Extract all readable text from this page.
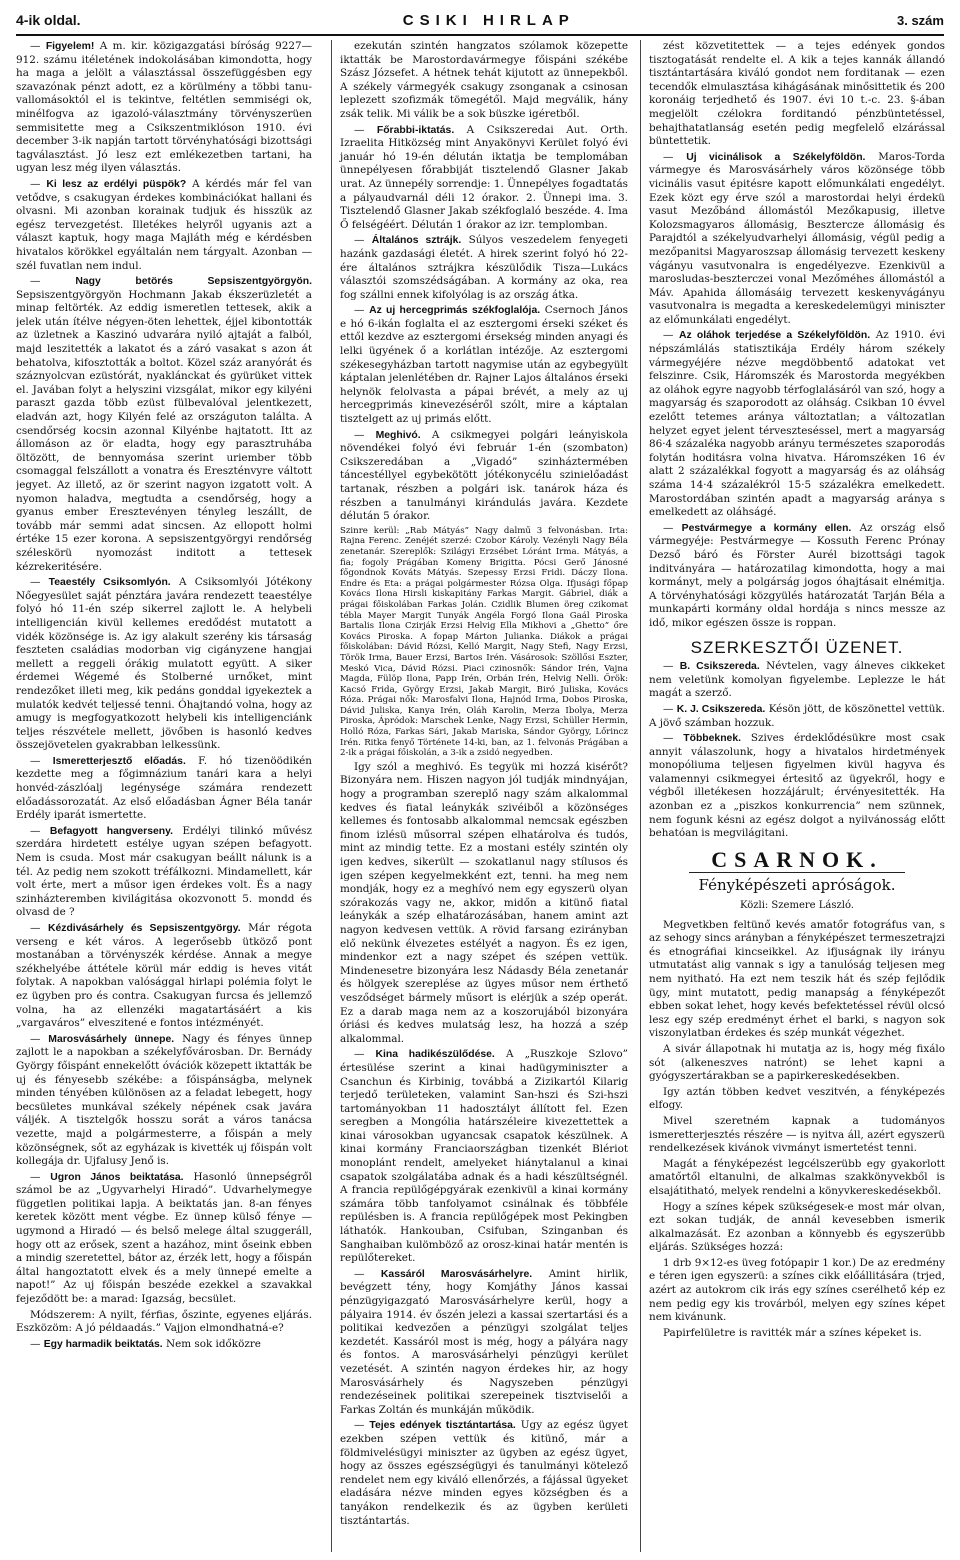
4-ik oldal.	CSIKI HIRLAP	3. szám

— Figyelem! A m. kir. közigazgatási bíróság 9227—912. számu itéletének indokolásában kimondotta, hogy ha maga a jelölt a választással összefüggésben egy szavazónak pénzt adott, ez a körülmény a többi tanu-vallomásoktól el is tekintve, feltétlen semmiségi ok, minélfogva az igazoló-választmány törvényszerüen semmisitette meg a Csikszentmiklóson 1910. évi december 3-ik napján tartott törvényhatósági bizottsági tagválasztást. Jó lesz ezt emlékezetben tartani, ha ugyan lesz még ilyen választás.

— Ki lesz az erdélyi püspök? A kérdés már fel van vetődve, s csakugyan érdekes kombinációkat hallani és olvasni. Mi azonban korainak tudjuk és hisszük az egész tervezgetést. Illetékes helyről ugyanis azt a választ kaptuk, hogy maga Majláth még e kérdésben hivatalos körökkel egyáltalán nem tárgyalt. Azonban — szél fuvatlan nem indul.

— Nagy betörés Sepsiszentgyörgyön. Sepsiszentgyörgyön Hochmann Jakab ékszerüzletét a minap feltörték. Az eddig ismeretlen tettesek, akik a jelek után ítélve négyen-öten lehettek, éjjel kibontották az üzletnek a Kaszinó udvarára nyiló ajtaját a falból, majd leszitették a lakatot és a záró vasakat s azon át behatolva, kifosztották a boltot. Közel száz aranyórát és száznyolcvan ezüstórát, nyaklánckat és gyürüket vittek el. Javában folyt a helyszini vizsgálat, mikor egy kilyéni paraszt gazda több ezüst fülbevalóval jelentkezett, eladván azt, hogy Kilyén felé az országuton találta. A csendőrség kocsin azonnal Kilyénbe hajtatott. Itt az állomáson az ör eladta, hogy egy parasztruhába öltözött, de bennyomása szerint uriember több csomaggal felszállott a vonatra és Ereszténvyre váltott jegyet. Az illető, az ör szerint nagyon izgatott volt. A nyomon haladva, megtudta a csendőrség, hogy a gyanus ember Eresztevényen tényleg leszállt, de tovább már semmi adat sincsen. Az ellopott holmi értéke 15 ezer korona. A sepsiszentgyörgyi rendőrség széleskörü nyomozást inditott a tettesek kézrekeritésére.

— Teaestély Csiksomlyón. A Csiksomlyói Jótékony Nőegyesület saját pénztára javára rendezett teaestélye folyó hó 11-én szép sikerrel zajlott le. A helybeli intelligencián kivül kellemes eredődést mutatott a vidék közönsége is. Az igy alakult szerény kis társaság feszteten családias modorban vig cigányzene hangjai mellett a reggeli órákig mulatott együtt. A siker érdemei Wégemé és Stolberné urnőket, mint rendezőket illeti meg, kik pedáns gonddal igyekeztek a mulatók kedvét teljessé tenni. Óhajtandó volna, hogy az amugy is megfogyatkozott helybeli kis intelligenciánk teljes részvétele mellett, jövőben is hasonló kedves összejövetelen gyakrabban lelkessünk.

— Ismeretterjesztő előadás. F. hó tizenöödikén kezdette meg a főgimnázium tanári kara a helyi honvéd-zászlóalj legénysége számára rendezett előadássorozatát. Az első előadásban Ágner Béla tanár Erdély iparát ismertette.

— Befagyott hangverseny. Erdélyi tilinkó művész szerdára hirdetett estélye ugyan szépen befagyott. Nem is csuda. Most már csakugyan beállt nálunk is a tél. Az pedig nem szokott tréfálkozni. Mindamellett, kár volt érte, mert a műsor igen érdekes volt. És a nagy szinházteremben kivilágitása okozvonott 5. mondd és olvasd de ?

— Kézdivásárhely és Sepsiszentgyörgy. Már régota verseng e két város. A legerősebb ütköző pont mostanában a törvényszék kérdése. Annak a megye székhelyébe áttétele körül már eddig is heves vitát folytak. A napokban valósággal hirlapi polémia folyt le ez ügyben pro és contra. Csakugyan furcsa és jellemző volna, ha az ellenzéki magatartásáért a kis „vargaváros” elveszitené e fontos intézményét.

— Marosvásárhely ünnepe. Nagy és fényes ünnep zajlott le a napokban a székelyfővárosban. Dr. Bernády György főispánt ennekelőtt óvációk közepett iktatták be uj és fényesebb székébe: a főispánságba, melynek minden tényében különösen az a feladat lebegett, hogy becsületes munkával székely népének csak javára váljék. A tisztelgők hosszu sorát a város tanácsa vezette, majd a polgármesterre, a főispán a mely közönségnek, sőt az egyházak is kivették uj főispán volt kollegája dr. Ujfalusy Jenő is.

— Ugron János beiktatása. Hasonló ünnepségről számol be az „Ugyvarhelyi Hiradó”. Udvarhelymegye független politikai lapja. A beiktatás jan. 8-an fényes keretek között ment végbe. Ez ünnep külső fénye — ugymond a Hiradó — és belső melege által szuggeráll, hogy ott az erősek, szent a hazához, mint őseink ebben a mindig szeretettel, bátor az, érzék lett, hogy a főispán által hangoztatott elvek és a mely ünnepé emelte a napot!” Az uj főispán beszéde ezekkel a szavakkal fejeződött be: a marad: Igazság, becsület.

Módszerem: A nyilt, férfias, őszinte, egyenes eljárás. Eszközöm: A jó példaadás.” Vajjon elmondhatná-e?

— Egy harmadik beiktatás. Nem sok időközre

ezekután szintén hangzatos szólamok közepette iktatták be Marostordavármegye főispáni székébe Szász Józsefet. A hétnek tehát kijutott az ünnepekből. A székely vármegyék csakugy zsonganak a csinosan leplezett szofizmák tömegétől. Majd megválik, hány zsák telik. Mi válik be a sok büszke igéretből.

— Főrabbi-iktatás. A Csikszeredai Aut. Orth. Izraelita Hitközség mint Anyakönyvi Kerület folyó évi január hó 19-én délután iktatja be templomában ünnepélyesen főrabbiját tisztelendő Glasner Jakab urat. Az ünnepély sorrendje: 1. Ünnepélyes fogadtatás a pályaudvarnál déli 12 órakor. 2. Ünnepi ima. 3. Tisztelendő Glasner Jakab székfoglaló beszéde. 4. Ima Ő felségéért. Délután 1 órakor az izr. templomban.

— Általános sztrájk. Súlyos veszedelem fenyegeti hazánk gazdasági életét. A hirek szerint folyó hó 22-ére általános sztrájkra készülődik Tisza—Lukács választói szomszédságában. A kormány az oka, rea fog szállni ennek kifolyólag is az ország átka.

— Az uj hercegprimás székfoglalója. Csernoch János e hó 6-ikán foglalta el az esztergomi érseki széket és ettől kezdve az esztergomi érsekség minden anyagi és lelki ügyének ő a korlátlan intézője. Az esztergomi székesegyházban tartott nagymise után az egybegyült káptalan jelenlétében dr. Rajner Lajos általános érseki helynök felolvasta a pápai brévét, a mely az uj hercegprimás kinevezéséről szólt, mire a káptalan tisztelgett az uj primás előtt.

— Meghivó. A csikmegyei polgári leányiskola növendékei folyó évi február 1-én (szombaton) Csikszeredában a „Vigadó” szinháztermében táncestéllyel egybekötött jótékonycélu szinielőadást tartanak, részben a polgári isk. tanárok háza és részben a tanulmányi kirándulás javára. Kezdete délután 5 órakor.

Szinre kerül: „Rab Mátyás” Nagy dalmű 3 felvonásban. Irta: Rajna Ferenc. Zenéjét szerzé: Czobor Károly. Vezényli Nagy Béla zenetanár. Szereplők: Szilágyi Erzsébet Lóránt Irma. Mátyás, a fia; fogoly Prágában Komeny Brigitta. Pócsi Gerő Jánosné főgondnok Kováts Mátyás. Szepessy Erzsi Fridi. Dáczy Ilona. Endre és Eta: a prágai polgármester Rózsa Olga. Ifjusági főpap Kovács Ilona Hirsli kiskapitány Farkas Margit. Gábriel, diák a prágai főiskolában Farkas Jolán. Czidlik Blumen öreg czikomat tébla Mayer Margit Tunyák Angéla Forgó Ilona Gaál Piroska Bartalis Ilona Czirják Erzsi Helvig Ella Mikhovi a „Ghetto” őre Kovács Piroska. A fopap Márton Julianka. Diákok a prágai főiskolában: Dávid Rózsi, Kelló Margit, Nagy Stefi, Nagy Erzsi, Török Irma, Bauer Erzsi, Bartos Irén. Vásárosok: Szöllősi Eszter, Meskó Vica, Dávid Rózsi. Piaci czinosnők: Sándor Irén, Vajna Magda, Fülöp Ilona, Papp Irén, Orbán Irén, Helvig Nelli. Őrök: Kacsó Frida, György Erzsi, Jakab Margit, Biró Juliska, Kovács Róza. Prágai nők: Marosfalvi Ilona, Hajnód Irma, Dobos Piroska, Dávid Juliska, Kanya Irén, Oláh Karolin, Merza Ibolya, Merza Piroska, Ápródok: Marschek Lenke, Nagy Erzsi, Schüller Hermin, Holló Róza, Farkas Sári, Jakab Mariska, Sándor György, Lőrincz Irén. Ritka fenyő Története 14-ki, ban, az 1. felvonás Prágában a 2-ik a prágai főiskolán, a 3-ik a zsidó negyedben.

Igy szól a meghivó. Es tegyük mi hozzá kisérőt? Bizonyára nem. Hiszen nagyon jól tudják mindnyájan, hogy a programban szereplő nagy szám alkalommal kedves és fiatal leánykák szivéiből a közönséges kellemes és fontosabb alkalommal nemcsak egészben finom izlésü műsorral szépen elhatárolva és tudós, mint az mindig tette. Ez a mostani estély szintén oly igen kedves, sikerült — szokatlanul nagy stílusos és igen szépen kegyelmekként ezt, tenni. ha meg nem mondják, hogy ez a meghívó nem egy egyszerü olyan szórakozás vagy ne, akkor, midőn a kitünő fiatal leánykák a szép elhatározásában, hanem amint azt nagyon kedvesen vettük. A rövid farsang ezirányban elő nekünk élvezetes estélyét a nagyon. És ez igen, mindenkor ezt a nagy szépet és szépen vettük. Mindenesetre bizonyára lesz Nádasdy Béla zenetanár és hölgyek szereplése az ügyes műsor nem érthető vesződséget bármely műsort is elérjük a szép operát. Ez a darab maga nem az a koszorujából bizonyára óriási és kedves mulatság lesz, ha hozzá a szép alkalommal.

— Kina hadikészülődése. A „Ruszkoje Szlovo” értesülése szerint a kinai hadügyminiszter a Csanchun és Kirbinig, továbbá a Zizikartól Kilarig terjedő területeken, valamint San-hszi és Szi-hszi tartományokban 11 hadosztályt állított fel. Ezen seregben a Mongólia határszéleire kivezettettek a kinai városokban ugyancsak csapatok készülnek. A kinai kormány Franciaországban tizenkét Blériot monoplánt rendelt, amelyeket hiánytalanul a kinai csapatok szolgálatába adnak és a hadi készültségnél. A francia repülőgépgyárak ezenkivül a kinai kormány számára több tanfolyamot csinálnak és többféle repülésben is. A francia repülőgépek most Pekingben láthatók. Hankouban, Csifuban, Szinganban és Sanghaiban kulömböző az orosz-kinai határ mentén is repülőtereket.

— Kassáról Marosvásárhelyre. Amint hirlik, bevégzett tény, hogy Komjáthy János kassai pénzügyigazgató Marosvásárhelyre kerül, hogy a pályaira 1914. év őszén jelezi a kassai szertartási és a politikai kedvezően a pénzügyi szolgálat teljes kezdetét. Kassáról most is még, hogy a pályára nagy és fontos. A marosvásárhelyi pénzügyi kerület vezetését. A szintén nagyon érdekes hir, az hogy Marosvásárhely és Nagyszeben pénzügyi rendezéseinek politikai szerepeinek tisztviselői a Farkas Zoltán és munkáján működik.

— Tejes edények tisztántartása. Ugy az egész ügyet ezekben szépen vettük és kitünő, már a földmivelésügyi miniszter az ügyben az egész ügyet, hogy az összes egészségügyi és tanulmányi kötelező rendelet nem egy kiváló ellenőrzés, a fájással ügyeket eladására nézve minden egyes községben és a tanyákon rendelkezik és az ügyben kerületi tisztántartás.

zést közvetitettek — a tejes edények gondos tisztogatását rendelte el. A kik a tejes kannák állandó tisztántartására kiváló gondot nem forditanak — ezen tecendők elmulasztása kihágásának minősittetik és 200 koronáig terjedhető és 1907. évi 10 t.-c. 23. §-ában megjelölt czélokra forditandó pénzbüntetéssel, behajthatatlanság esetén pedig megfelelő elzárással büntettetik.

— Uj vicinálisok a Székelyföldön. Maros-Torda vármegye és Marosvásárhely város közönsége több vicinális vasut épitésre kapott előmunkálati engedélyt. Ezek közt egy érve szól a marostordai helyi érdekü vasut Mezőbánd állomástól Mezőkapusig, illetve Kolozsmagyaros állomásig, Besztercze állomásig és Parajdtól a székelyudvarhelyi állomásig, végül pedig a mezőpanitsi Magyaroszsap állomásig tervezett keskeny vágányu vasutvonalra is engedélyezve. Ezenkivül a marosludas-beszterczei vonal Mezőméhes állomástól a Máv. Apahida állomásáig tervezett keskenyvágányu vasutvonalra is megadta a kereskedelemügyi miniszter az előmunkálati engedélyt.

— Az oláhok terjedése a Székelyföldön. Az 1910. évi népszámlálás statisztikája Erdély három székely vármegyéjére nézve megdöbbentő adatokat vet felszinre. Csik, Háromszék és Marostorda megyékben az oláhok egyre nagyobb térfoglalásáról van szó, hogy a magyarság és szaporodott az oláhság. Csikban 10 évvel ezelőtt tetemes aránya változtatlan; a változatlan helyzet egyet jelent térveszteséssel, mert a magyarság 86·4 százaléka nagyobb arányu természetes szaporodás folytán hoditásra volna hivatva. Háromszéken 16 év alatt 2 százalékkal fogyott a magyarság és az oláhság száma 14·4 százalékról 15·5 százalékra emelkedett. Marostordában szintén apadt a magyarság aránya s emelkedett az oláhságé.

— Pestvármegye a kormány ellen. Az ország első vármegyéje: Pestvármegye — Kossuth Ferenc Prónay Dezső báró és Förster Aurél bizottsági tagok inditványára — határozatilag kimondotta, hogy a mai kormányt, mely a polgárság jogos óhajtásait elnémitja. A törvényhatósági közgyülés határozatát Tarján Béla a munkapárti kormány oldal hordája s nincs messze az idő, mikor egészen össze is roppan.

SZERKESZTŐI ÜZENET.

— B. Csikszereda. Névtelen, vagy álneves cikkeket nem veletünk komolyan figyelembe. Leplezze le hát magát a szerző.

— K. J. Csikszereda. Késön jött, de köszönettel vettük. A jövő számban hozzuk.

— Többeknek. Szives érdeklődésükre most csak annyit válaszolunk, hogy a hivatalos hirdetmények monopóliuma teljesen figyelmen kivül hagyva és valamennyi csikmegyei értesitő az ügyekről, hogy e végből illetékesen hozzájárult; érvényesitették. Ha azonban ez a „piszkos konkurrencia” nem szünnek, nem fogunk késni az egész dolgot a nyilvánosság előtt behatóan is megvilágitani.

CSARNOK.
Fényképészeti apróságok.
Közli: Szemere László.

Megvetkben feltünő kevés amatőr fotográfus van, s az sehogy sincs arányban a fényképészet termeszetrajzi és etnográfiai kincseikkel. Az ifjuságnak ily irányu utmutatást alig vannak s igy a tanulóság teljesen meg nem nyitható. Ha ezt nem teszik hát és szép fejlődik ügy, mint mutatott, pedig manapság a fényképezőt ebben sokat lehet, hogy kevés befektetéssel révül olcsó lesz egy szép eredményt érhet el barki, s nagyon sok viszonylatban érdekes és szép munkát végezhet.

A sivár állapotnak hi mutatja az is, hogy még fixálo sót (alkeneszves natrónt) se lehet kapni a gyógyszertárakban se a papirkereskedésekben.

Igy aztán többen kedvet veszitvén, a fényképezés elfogy.

Mivel szeretném kapnak a tudományos ismeretterjesztés részére — is nyitva áll, azért egyszerü rendelkezések kivánok vivmányt ismertetést tenni.

Magát a fényképezést legcélszerübb egy gyakorlott amatőrtől eltanulni, de alkalmas szakkönyvekből is elsajátitható, melyek rendelni a könyvkereskedésekből.

Hogy a színes képek szükségesek-e most már olvan, ezt sokan tudják, de annál kevesebben ismerik alkalmazását. Ez azonban a könnyebb és egyszerübb eljárás. Szükséges hozzá:

1 drb 9×12-es üveg fotópapir 1 kor.) De az eredmény e téren igen egyszerü: a színes cikk előállitására (trjed, azért az autokrom cik irás egy színes cserélhető kép ez nem pedig egy kis trovárból, melyen egy színes képet nem kivánunk.

Papirfelületre is ravitték már a színes képeket is.
